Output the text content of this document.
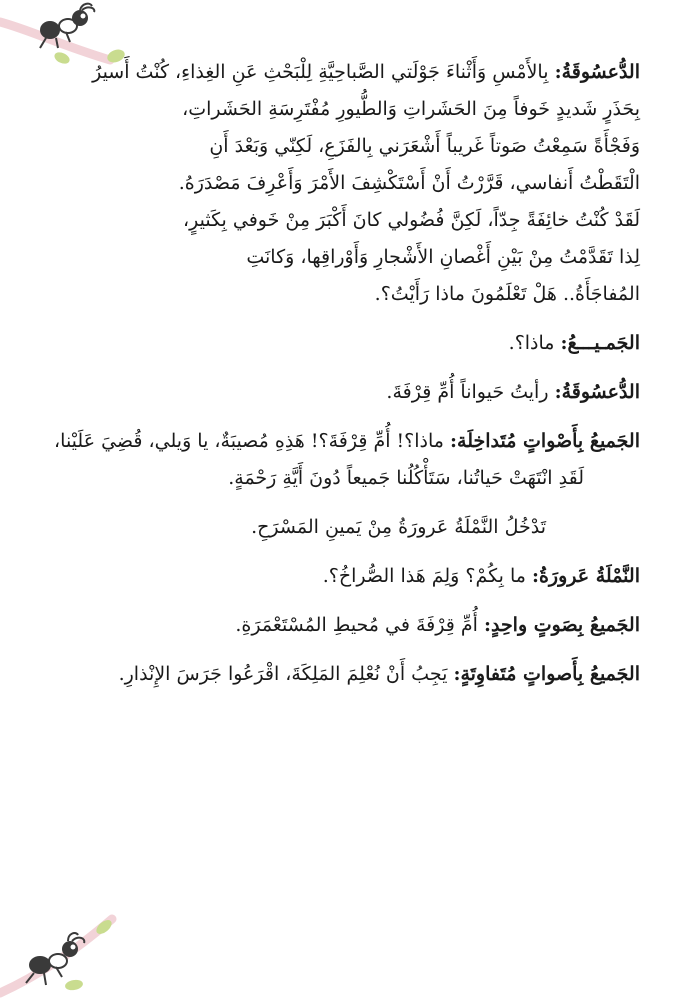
الدُّعسُوقَةُ: بِالأَمْسِ وَأَثْناءَ جَوْلَتي الصَّباحِيَّةِ لِلْبَحْثِ عَنِ الغِذاءِ، كُنْتُ أَسيرُ
بِحَذَرٍ شَديدٍ خَوفاً مِنَ الحَشَراتِ وَالطُّيورِ مُفْتَرِسَةِ الحَشَراتِ،
وَفَجْأَةً سَمِعْتُ صَوتاً غَريباً أَشْعَرَني بِالفَزَعِ، لَكِنّي وَبَعْدَ أَنِ
الْتَقَطْتُ أَنفاسي، قَرَّرْتُ أَنْ أَسْتَكْشِفَ الأَمْرَ وَأَعْرِفَ مَصْدَرَهُ.
لَقَدْ كُنْتُ خائِفَةً جِدّاً، لَكِنَّ فُضُولي كانَ أَكْبَرَ مِنْ خَوفي بِكَثيرٍ،
لِذا تَقَدَّمْتُ مِنْ بَيْنِ أَغْصانِ الأَشْجارِ وَأَوْراقِها، وَكانَتِ
المُفاجَأَةُ.. هَلْ تَعْلَمُونَ ماذا رَأَيْتُ؟.
الجَمـيـــعُ: ماذا؟.
الدُّعسُوقَةُ: رأيتُ حَيواناً أُمِّ قِرْفَةَ.
الجَميعُ بِأَصْواتٍ مُتَداخِلَة: ماذا؟! أُمِّ قِرْفَةَ؟! هَذِهِ مُصيبَةٌ، يا وَيلي، قُضِيَ عَلَيْنا،
لَقَدِ انْتَهَتْ حَياتُنا، سَتَأْكُلُنا جَميعاً دُونَ أَيَّةِ رَحْمَةٍ.
تَدْخُلُ النَّمْلَةُ عَرورَةُ مِنْ يَمينِ المَسْرَحِ.
النَّمْلَةُ عَرورَةُ: ما بِكُمْ؟ وَلِمَ هَذا الصُّراخُ؟.
الجَميعُ بِصَوتٍ واحِدٍ: أُمِّ قِرْفَةَ في مُحيطِ المُسْتَعْمَرَةِ.
الجَميعُ بِأَصواتٍ مُتَفاوِتَةٍ: يَجِبُ أَنْ نُعْلِمَ المَلِكَةَ، اقْرَعُوا جَرَسَ الإِنْذارِ.
